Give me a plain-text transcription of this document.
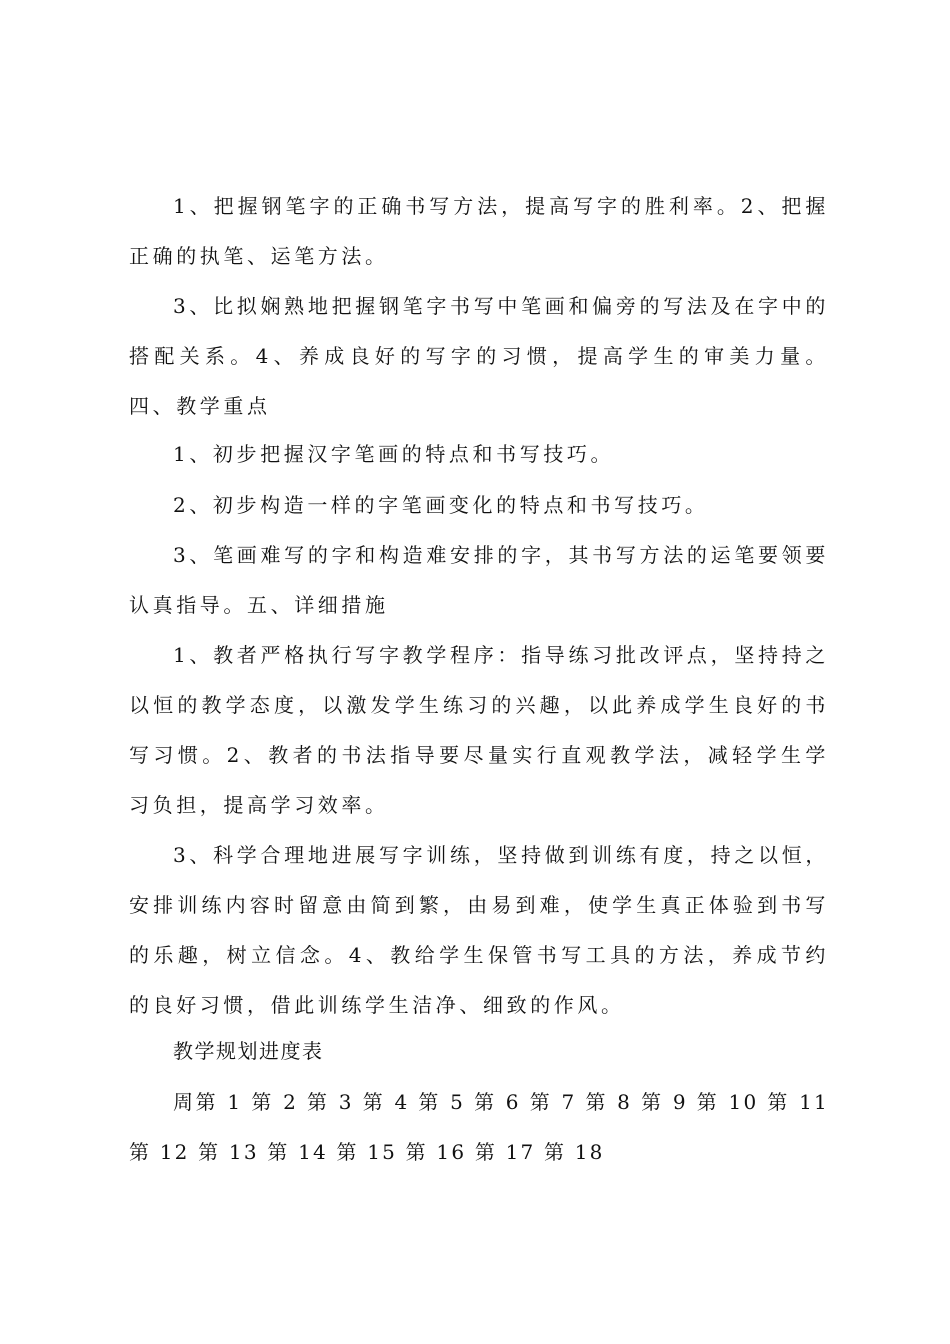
1、把握钢笔字的正确书写方法，提高写字的胜利率。2、把握正确的执笔、运笔方法。

3、比拟娴熟地把握钢笔字书写中笔画和偏旁的写法及在字中的搭配关系。4、养成良好的写字的习惯，提高学生的审美力量。四、教学重点

1、初步把握汉字笔画的特点和书写技巧。

2、初步构造一样的字笔画变化的特点和书写技巧。

3、笔画难写的字和构造难安排的字，其书写方法的运笔要领要认真指导。五、详细措施

1、教者严格执行写字教学程序：指导练习批改评点，坚持持之以恒的教学态度，以激发学生练习的兴趣，以此养成学生良好的书写习惯。2、教者的书法指导要尽量实行直观教学法，减轻学生学习负担，提高学习效率。

3、科学合理地进展写字训练，坚持做到训练有度，持之以恒，安排训练内容时留意由简到繁，由易到难，使学生真正体验到书写的乐趣，树立信念。4、教给学生保管书写工具的方法，养成节约的良好习惯，借此训练学生洁净、细致的作风。

教学规划进度表

周第 1 第 2 第 3 第 4 第 5 第 6 第 7 第 8 第 9 第 10 第 11 第 12 第 13 第 14 第 15 第 16 第 17 第 18
